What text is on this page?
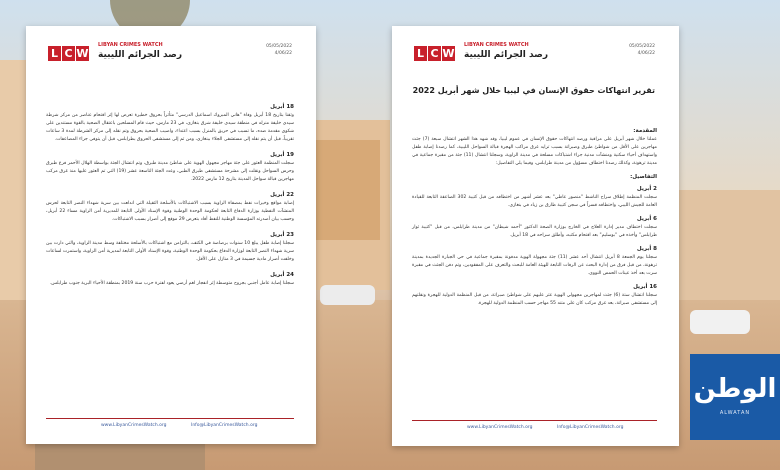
L C W
LIBYAN CRIMES WATCH
رصد الجرائم الليبية
05/05/2022
4/06/22
18 أبريل

وثقنا بتاريخ 18 أبريل وفاة "هاني المبروك اسماعيل الدرسي" متأثراً بحروق خطيرة تعرض لها إثر اقتحام عناصر من مركز شرطة سيدي خليفة منزله في منطقة سيدي خليفة شرق بنغازي، في 23 مارس، حيث قام المسلحين باعتقال الضحية بالقوة مستندين على شكوى مقدمة ضده، ما تسبب في حريق بالمنزل بسبب اعتداء، واصيب الضحية بحروق وتم نقله إلى مركز الشرطة لمدة 3 ساعات تقريباً، قبل أن يتم نقله إلى مستشفى الجلاء ببنغازي، ومن ثم إلى مستشفى الحروق بطرابلس، قبل أن يتوفى جراء المضاعفات.

19 أبريل

سجلت المنظمة العثور على جثة مهاجر مجهول الهوية على شاطئ مدينة طبرق، وتم انتشال الجثة بواسطة الهلال الأحمر فرع طبرق وحرس السواحل ونقلت إلى مشرحة مستشفى طبرق الطبي، وعدد الجثة التاسعة عشر (19) التي تم العثور عليها منذ غرق مركب مهاجرين قبالة سواحل المدينة بتاريخ 12 مارس 2022.

22 أبريل

إصابة مواقع وخيرات نفط بمصفاة الزاوية بسبب الاشتباكات بالأسلحة الثقيلة التي اندلعت بين سرية شهداء النصر التابعة لحرس المنشآت النفطية بوزارة الدفاع التابعة لحكومة الوحدة الوطنية وقوة الإسناد الأولى التابعة للمديرية أمن الزاوية مساء 22 أبريل، وحسب بيان أصدرته المؤسسة الوطنية للنفط أفاد بتعرض 29 موقع إلى أضرار بسبب الاشتباكات.

23 أبريل

سجلنا إصابة طفل يبلغ 10 سنوات برصاصة في الكتف، بالتزامن مع اشتباكات بالأسلحة مختلفة وسط مدينة الزاوية، والتي دارت بين سرية شهداء النصر التابعة لوزارة الدفاع بحكومة الوحدة الوطنية، وقوة الإسناد الأولى التابعة لمديرية أمن الزاوية، واستمرت لساعات وخلفت أضرار مادية جسيمة في 3 منازل على الأقل.

24 أبريل

سجلنا إصابة عامل أجنبي بجروح متوسطة إثر انفجار لغم أرضي يعود لفترة حرب سنة 2019 بمنطقة الأحياء البرية جنوب طرابلس.

www.LibyanCrimesWatch.org	Info@LibyanCrimesWatch.org
L C W
LIBYAN CRIMES WATCH
رصد الجرائم الليبية
05/05/2022
4/06/22
تقرير انتهاكات حقوق الإنسان في ليبيا خلال شهر أبريل 2022
المقدمة:

عملنا خلال شهر أبريل على مراقبة ورصد انتهاكات حقوق الإنسان في عموم ليبيا، وقد شهد هذا الشهر انتشال سبعة (7) جثث مهاجرين على الأقل من شواطئ طبرق وصبراتة بسبب تزايد غرق مراكب الهجرة قبالة السواحل الليبية، كما رصدنا إصابة طفل واستهداف أحياء سكنية ومنشآت مدنية جراء اشتباكات مسلحة في مدينة الزاوية، وسجلنا انتشال (11) جثة من مقبرة جماعية في مدينة ترهونة، وكذلك رصدنا اختطاف مسؤول من مدينة طرابلس، وفيما يلي التفاصيل:

التفاصيل:
2 أبريل

سجلت المنظمة إطلاق سراح الناشط "منصور عاطي" بعد عشر أشهر من اختطافه من قبل كتيبة 302 الصاعقة التابعة للقيادة العامة للجيش الليبي، واختطافه قسراً في سجن كتيبة طارق بن زياد في بنغازي.

6 أبريل

سجلت اختطاف مدير إدارة العلاج في الخارج بوزارة الصحة الدكتور "أحمد شيطان" من مدينة طرابلس، من قبل "كتيبة ثوار طرابلس" وأخذه في "بوسليم" بعد اقتحام مكتبه، وأطلق سراحه في 18 أبريل.

8 أبريل

سجلنا يوم الجمعة 8 أبريل انتشال أحد عشر (11) جثة مجهولة الهوية مدفونة بمقبرة جماعية في حي الجبارة الجديدة بمدينة ترهونة، من قبل فرق من إدارة البحث عن الرفات التابعة للهيئة العامة للبحث والتعرف على المفقودين، وتم دفن الجثث في مقبرة سرت بعد أخذ عينات الحمض النووي.

16 أبريل

سجلنا انتشال ستة (6) جثث لمهاجرين مجهولي الهوية عثر عليهم على شواطئ صبراتة، من قبل المنظمة الدولية للهجرة ونقلتهم إلى مستشفى صبراتة، بعد غرق مركب كان على متنه 55 مهاجر حسب المنظمة الدولية للهجرة.

www.LibyanCrimesWatch.org	Info@LibyanCrimesWatch.org
الوطن
ALWATAN
